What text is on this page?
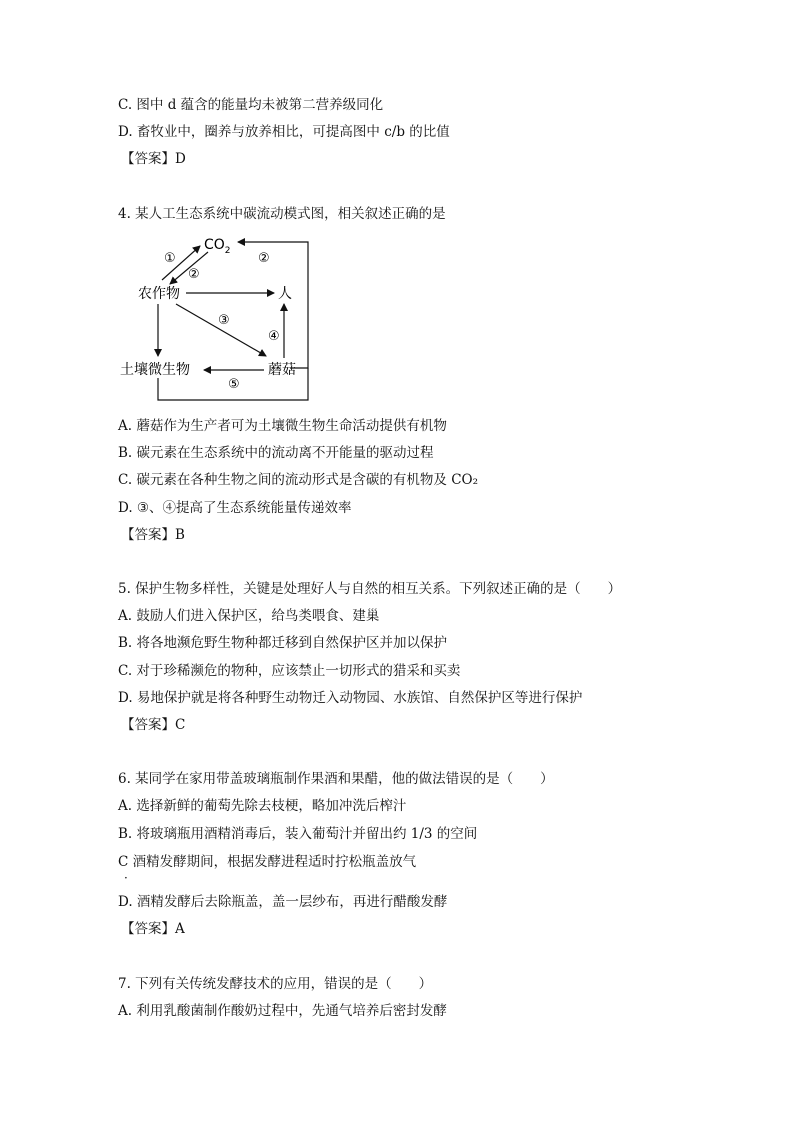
C. 图中 d 蕴含的能量均未被第二营养级同化
D. 畜牧业中，圈养与放养相比，可提高图中 c/b 的比值
【答案】D
4. 某人工生态系统中碳流动模式图，相关叙述正确的是
$CO_2$
农作物	人
土壤微生物	蘑菇
①
②
②
③
④
⑤
A. 蘑菇作为生产者可为土壤微生物生命活动提供有机物
B. 碳元素在生态系统中的流动离不开能量的驱动过程
C. 碳元素在各种生物之间的流动形式是含碳的有机物及 CO₂
D. ③、④提高了生态系统能量传递效率
【答案】B
5. 保护生物多样性，关键是处理好人与自然的相互关系。下列叙述正确的是（　　）
A. 鼓励人们进入保护区，给鸟类喂食、建巢
B. 将各地濒危野生物种都迁移到自然保护区并加以保护
C. 对于珍稀濒危的物种，应该禁止一切形式的猎采和买卖
D. 易地保护就是将各种野生动物迁入动物园、水族馆、自然保护区等进行保护
【答案】C
6. 某同学在家用带盖玻璃瓶制作果酒和果醋，他的做法错误的是（　　）
A. 选择新鲜的葡萄先除去枝梗，略加冲洗后榨汁
B. 将玻璃瓶用酒精消毒后，装入葡萄汁并留出约 1/3 的空间
C 酒精发酵期间，根据发酵进程适时拧松瓶盖放气
·
D. 酒精发酵后去除瓶盖，盖一层纱布，再进行醋酸发酵
【答案】A
7. 下列有关传统发酵技术的应用，错误的是（　　）
A. 利用乳酸菌制作酸奶过程中，先通气培养后密封发酵
